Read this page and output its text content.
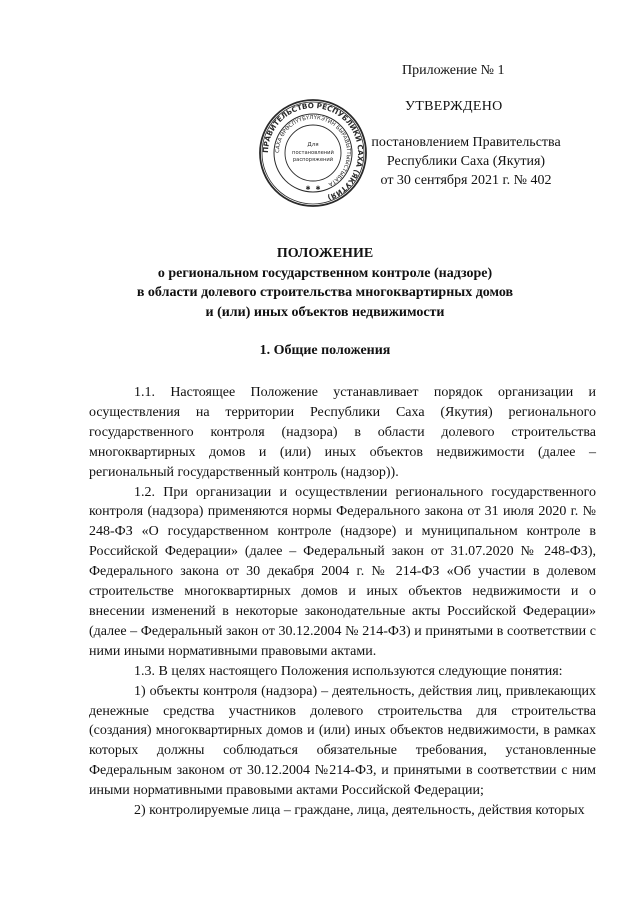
Приложение № 1
УТВЕРЖДЕНО
постановлением Правительства
Республики Саха (Якутия)
от 30 сентября 2021 г. № 402
ПРАВИТЕЛЬСТВО РЕСПУБЛИКИ САХА (ЯКУТИЯ)
САХА ӨРӨСПҮҮБҮЛҮКЭТИН БЫРАВЫТТЫЫСТЫБАТА
Для
постановлений
распоряжений
✱ ✱
ПОЛОЖЕНИЕ
о региональном государственном контроле (надзоре)
в области долевого строительства многоквартирных домов
и (или) иных объектов недвижимости
1. Общие положения

1.1. Настоящее Положение устанавливает порядок организации и осуществления на территории Республики Саха (Якутия) регионального государственного контроля (надзора) в области долевого строительства многоквартирных домов и (или) иных объектов недвижимости (далее – региональный государственный контроль (надзор)).

1.2. При организации и осуществлении регионального государственного контроля (надзора) применяются нормы Федерального закона от 31 июля 2020 г. № 248-ФЗ «О государственном контроле (надзоре) и муниципальном контроле в Российской Федерации» (далее – Федеральный закон от 31.07.2020 № 248-ФЗ), Федерального закона от 30 декабря 2004 г. № 214-ФЗ «Об участии в долевом строительстве многоквартирных домов и иных объектов недвижимости и о внесении изменений в некоторые законодательные акты Российской Федерации» (далее – Федеральный закон от 30.12.2004 № 214-ФЗ) и принятыми в соответствии с ними иными нормативными правовыми актами.

1.3. В целях настоящего Положения используются следующие понятия:

1) объекты контроля (надзора) – деятельность, действия лиц, привлекающих денежные средства участников долевого строительства для строительства (создания) многоквартирных домов и (или) иных объектов недвижимости, в рамках которых должны соблюдаться обязательные требования, установленные Федеральным законом от 30.12.2004 №214-ФЗ, и принятыми в соответствии с ним иными нормативными правовыми актами Российской Федерации;

2) контролируемые лица – граждане, лица, деятельность, действия которых
